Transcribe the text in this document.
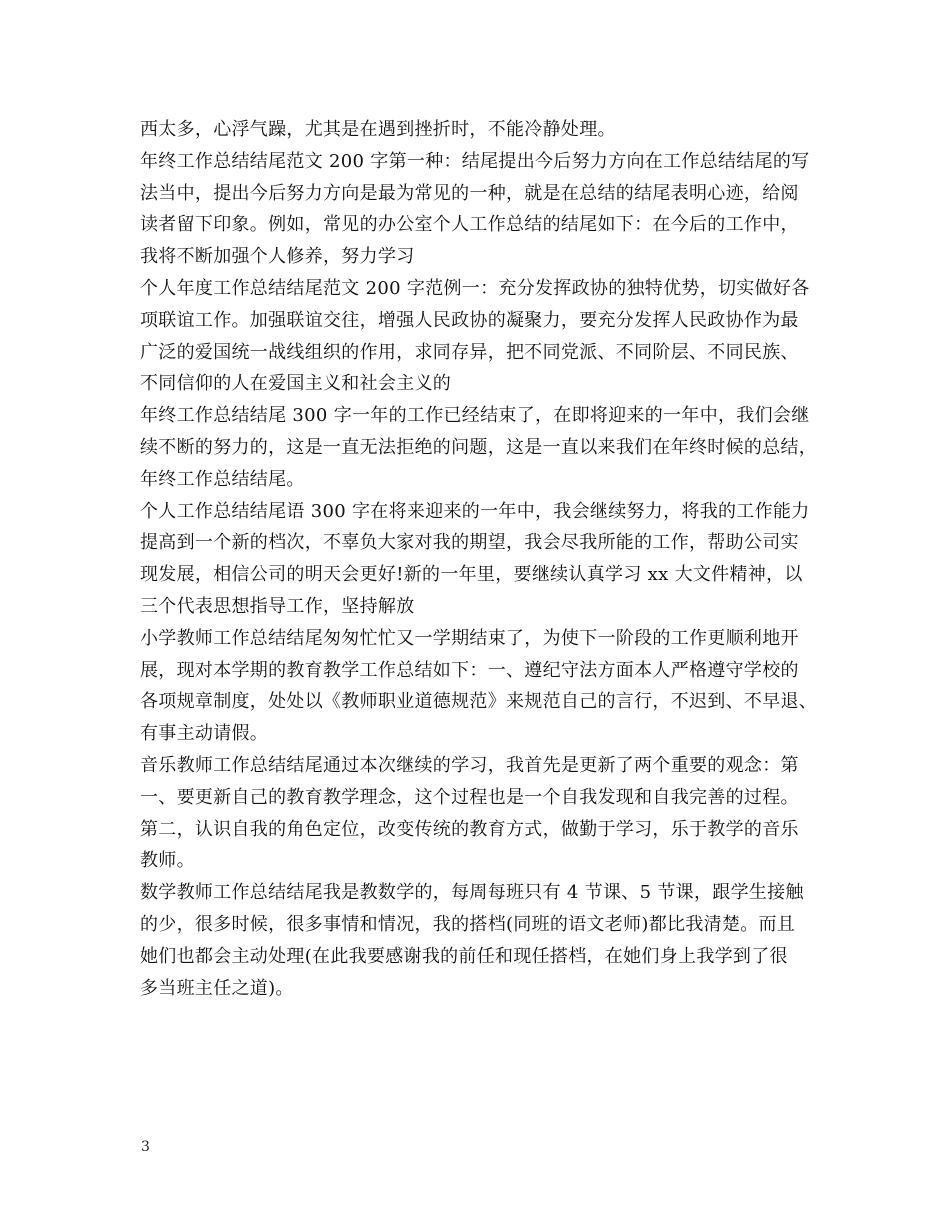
西太多，心浮气躁，尤其是在遇到挫折时，不能冷静处理。

年终工作总结结尾范文 200 字第一种：结尾提出今后努力方向在工作总结结尾的写
法当中，提出今后努力方向是最为常见的一种，就是在总结的结尾表明心迹，给阅
读者留下印象。例如，常见的办公室个人工作总结的结尾如下：在今后的工作中，
我将不断加强个人修养，努力学习

个人年度工作总结结尾范文 200 字范例一：充分发挥政协的独特优势，切实做好各
项联谊工作。加强联谊交往，增强人民政协的凝聚力，要充分发挥人民政协作为最
广泛的爱国统一战线组织的作用，求同存异，把不同党派、不同阶层、不同民族、
不同信仰的人在爱国主义和社会主义的

年终工作总结结尾 300 字一年的工作已经结束了，在即将迎来的一年中，我们会继
续不断的努力的，这是一直无法拒绝的问题，这是一直以来我们在年终时候的总结，
年终工作总结结尾。

个人工作总结结尾语 300 字在将来迎来的一年中，我会继续努力，将我的工作能力
提高到一个新的档次，不辜负大家对我的期望，我会尽我所能的工作，帮助公司实
现发展，相信公司的明天会更好!新的一年里，要继续认真学习 xx 大文件精神，以
三个代表思想指导工作，坚持解放

小学教师工作总结结尾匆匆忙忙又一学期结束了，为使下一阶段的工作更顺利地开
展，现对本学期的教育教学工作总结如下：一、遵纪守法方面本人严格遵守学校的
各项规章制度，处处以《教师职业道德规范》来规范自己的言行，不迟到、不早退、
有事主动请假。

音乐教师工作总结结尾通过本次继续的学习，我首先是更新了两个重要的观念：第
一、要更新自己的教育教学理念，这个过程也是一个自我发现和自我完善的过程。
第二，认识自我的角色定位，改变传统的教育方式，做勤于学习，乐于教学的音乐
教师。

数学教师工作总结结尾我是教数学的，每周每班只有 4 节课、5 节课，跟学生接触
的少，很多时候，很多事情和情况，我的搭档(同班的语文老师)都比我清楚。而且
她们也都会主动处理(在此我要感谢我的前任和现任搭档，在她们身上我学到了很
多当班主任之道)。

3
